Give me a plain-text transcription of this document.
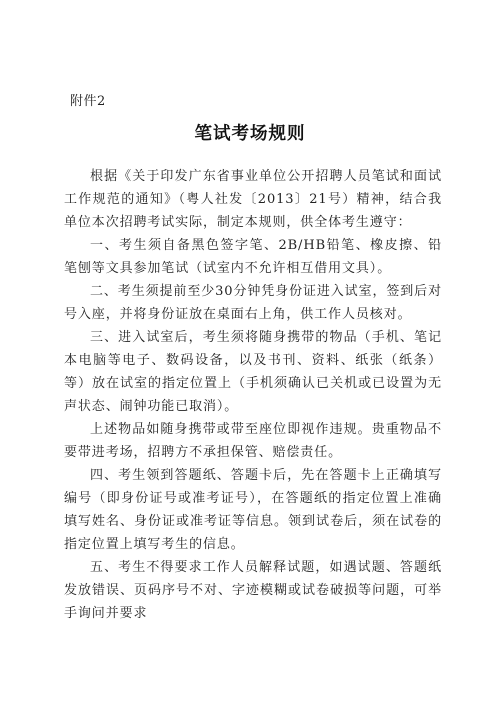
附件2
笔试考场规则

根据《关于印发广东省事业单位公开招聘人员笔试和面试工作规范的通知》（粤人社发〔2013〕21号）精神，结合我单位本次招聘考试实际，制定本规则，供全体考生遵守：

一、考生须自备黑色签字笔、2B/HB铅笔、橡皮擦、铅笔刨等文具参加笔试（试室内不允许相互借用文具）。

二、考生须提前至少30分钟凭身份证进入试室，签到后对号入座，并将身份证放在桌面右上角，供工作人员核对。

三、进入试室后，考生须将随身携带的物品（手机、笔记本电脑等电子、数码设备，以及书刊、资料、纸张（纸条）等）放在试室的指定位置上（手机须确认已关机或已设置为无声状态、闹钟功能已取消）。

上述物品如随身携带或带至座位即视作违规。贵重物品不要带进考场，招聘方不承担保管、赔偿责任。

四、考生领到答题纸、答题卡后，先在答题卡上正确填写编号（即身份证号或准考证号），在答题纸的指定位置上准确填写姓名、身份证或准考证等信息。领到试卷后，须在试卷的指定位置上填写考生的信息。

五、考生不得要求工作人员解释试题，如遇试题、答题纸发放错误、页码序号不对、字迹模糊或试卷破损等问题，可举手询问并要求
